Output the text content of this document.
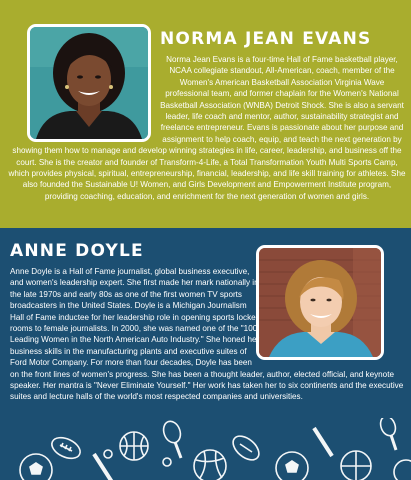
NORMA JEAN EVANS

Norma Jean Evans is a four-time Hall of Fame basketball player, NCAA collegiate standout, All-American, coach, member of the Women's American Basketball Association Virginia Wave professional team, and former chaplain for the Women's National Basketball Association (WNBA) Detroit Shock. She is also a servant leader, life coach and mentor, author, sustainability strategist and freelance entrepreneur. Evans is passionate about her purpose and assignment to help coach, equip, and teach the next generation by showing them how to manage and develop winning strategies in life, career, leadership, and business off the court. She is the creator and founder of Transform-4-Life, a Total Transformation Youth Multi Sports Camp, which provides physical, spiritual, entrepreneurship, financial, leadership, and life skill training for athletes. She also founded the Sustainable U! Women, and Girls Development and Empowerment Institute program, providing coaching, education, and enrichment for the next generation of women and girls.

ANNE DOYLE

Anne Doyle is a Hall of Fame journalist, global business executive, and women's leadership expert. She first made her mark nationally in the late 1970s and early 80s as one of the first women TV sports broadcasters in the United States. Doyle is a Michigan Journalism Hall of Fame inductee for her leadership role in opening sports locker rooms to female journalists. In 2000, she was named one of the "100 Leading Women in the North American Auto Industry." She honed her business skills in the manufacturing plants and executive suites of Ford Motor Company. For more than four decades, Doyle has been on the front lines of women's progress. She has been a thought leader, author, elected official, and keynote speaker. Her mantra is "Never Eliminate Yourself." Her work has taken her to six continents and the executive suites and lecture halls of the world's most respected companies and universities.
